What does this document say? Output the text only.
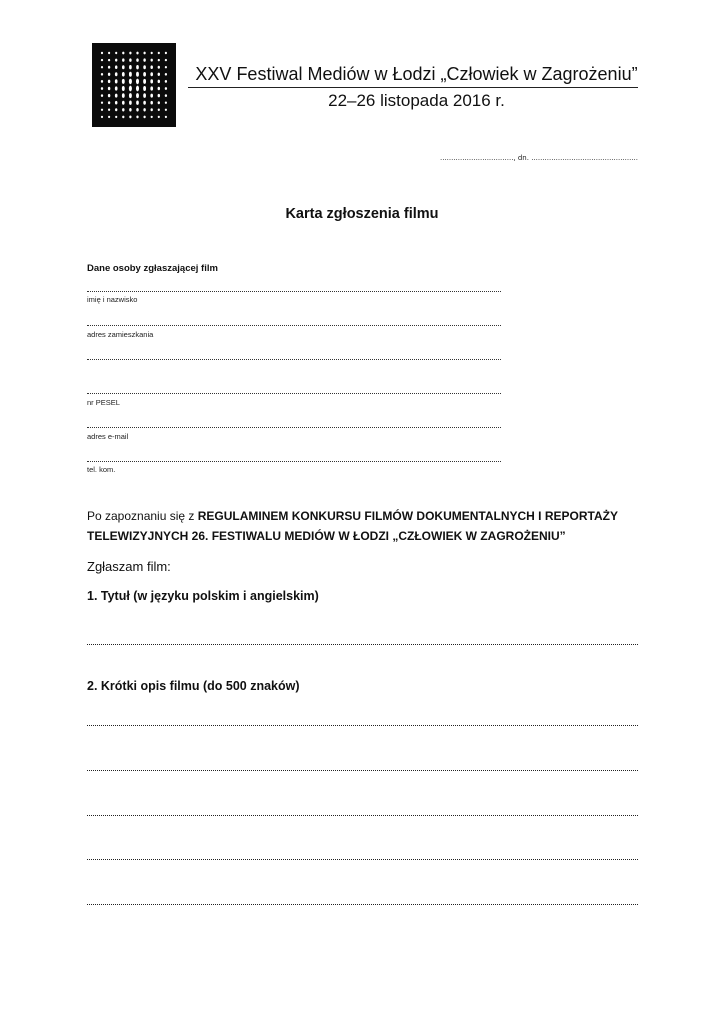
XXV Festiwal Mediów w Łodzi „Człowiek w Zagrożeniu”
22–26 listopada 2016 r.
................................., dn. ................................................
Karta zgłoszenia filmu
Dane osoby zgłaszającej film
imię i nazwisko
adres zamieszkania
nr PESEL
adres e-mail
tel. kom.
Po zapoznaniu się z REGULAMINEM KONKURSU FILMÓW DOKUMENTALNYCH I REPORTAŻY TELEWIZYJNYCH 26. FESTIWALU MEDIÓW W ŁODZI „CZŁOWIEK W ZAGROŻENIU”
Zgłaszam film:
1. Tytuł (w języku polskim i angielskim)
2. Krótki opis filmu (do 500 znaków)
